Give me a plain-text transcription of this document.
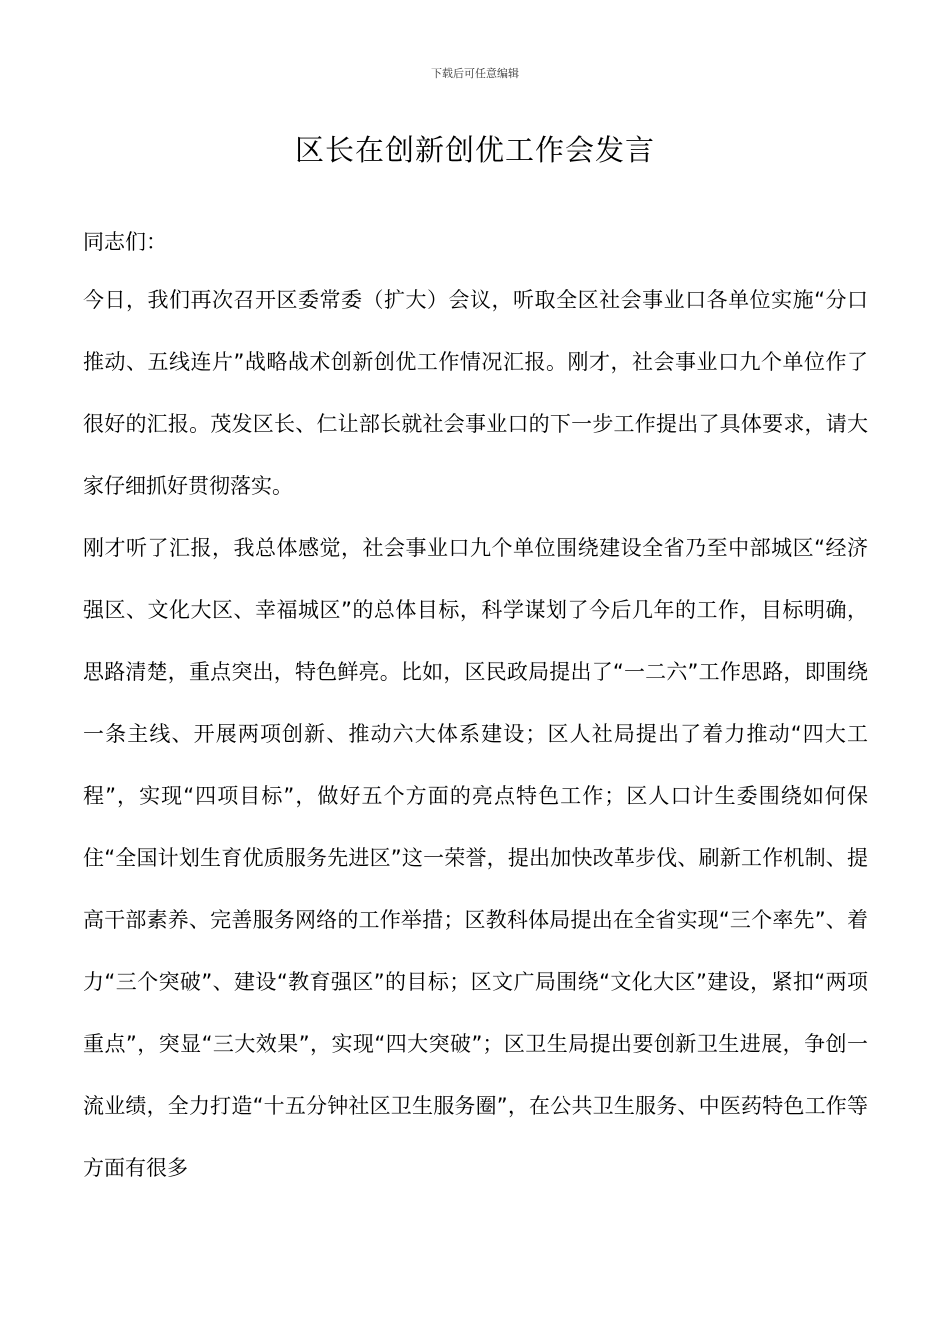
下载后可任意编辑
区长在创新创优工作会发言

同志们：

今日，我们再次召开区委常委（扩大）会议，听取全区社会事业口各单位实施“分口推动、五线连片”战略战术创新创优工作情况汇报。刚才，社会事业口九个单位作了很好的汇报。茂发区长、仁让部长就社会事业口的下一步工作提出了具体要求，请大家仔细抓好贯彻落实。

刚才听了汇报，我总体感觉，社会事业口九个单位围绕建设全省乃至中部城区“经济强区、文化大区、幸福城区”的总体目标，科学谋划了今后几年的工作，目标明确，思路清楚，重点突出，特色鲜亮。比如，区民政局提出了“一二六”工作思路，即围绕一条主线、开展两项创新、推动六大体系建设；区人社局提出了着力推动“四大工程”，实现“四项目标”，做好五个方面的亮点特色工作；区人口计生委围绕如何保住“全国计划生育优质服务先进区”这一荣誉，提出加快改革步伐、刷新工作机制、提高干部素养、完善服务网络的工作举措；区教科体局提出在全省实现“三个率先”、着力“三个突破”、建设“教育强区”的目标；区文广局围绕“文化大区”建设，紧扣“两项重点”，突显“三大效果”，实现“四大突破”；区卫生局提出要创新卫生进展，争创一流业绩，全力打造“十五分钟社区卫生服务圈”，在公共卫生服务、中医药特色工作等方面有很多
